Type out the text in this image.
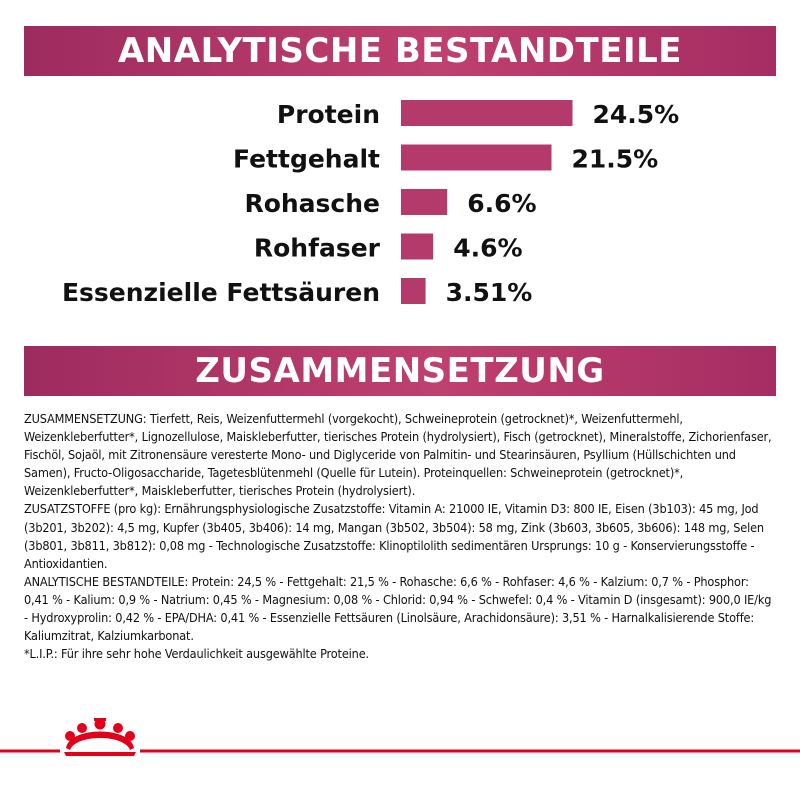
ANALYTISCHE BESTANDTEILE
Protein	24.5%
Fettgehalt	21.5%
Rohasche	6.6%
Rohfaser	4.6%
Essenzielle Fettsäuren	3.51%
ZUSAMMENSETZUNG
ZUSAMMENSETZUNG: Tierfett, Reis, Weizenfuttermehl (vorgekocht), Schweineprotein (getrocknet)*, Weizenfuttermehl, Weizenkleberfutter*, Lignozellulose, Maiskleberfutter, tierisches Protein (hydrolysiert), Fisch (getrocknet), Mineralstoffe, Zichorienfaser, Fischöl, Sojaöl, mit Zitronensäure veresterte Mono- und Diglyceride von Palmitin- und Stearinsäuren, Psyllium (Hüllschichten und Samen), Fructo-Oligosaccharide, Tagetesblütenmehl (Quelle für Lutein). Proteinquellen: Schweineprotein (getrocknet)*, Weizenkleberfutter*, Maiskleberfutter, tierisches Protein (hydrolysiert).
ZUSATZSTOFFE (pro kg): Ernährungsphysiologische Zusatzstoffe: Vitamin A: 21000 IE, Vitamin D3: 800 IE, Eisen (3b103): 45 mg, Jod (3b201, 3b202): 4,5 mg, Kupfer (3b405, 3b406): 14 mg, Mangan (3b502, 3b504): 58 mg, Zink (3b603, 3b605, 3b606): 148 mg, Selen (3b801, 3b811, 3b812): 0,08 mg - Technologische Zusatzstoffe: Klinoptilolith sedimentären Ursprungs: 10 g - Konservierungsstoffe - Antioxidantien.
ANALYTISCHE BESTANDTEILE: Protein: 24,5 % - Fettgehalt: 21,5 % - Rohasche: 6,6 % - Rohfaser: 4,6 % - Kalzium: 0,7 % - Phosphor: 0,41 % - Kalium: 0,9 % - Natrium: 0,45 % - Magnesium: 0,08 % - Chlorid: 0,94 % - Schwefel: 0,4 % - Vitamin D (insgesamt): 900,0 IE/kg - Hydroxyprolin: 0,42 % - EPA/DHA: 0,41 % - Essenzielle Fettsäuren (Linolsäure, Arachidonsäure): 3,51 % - Harnalkalisierende Stoffe: Kaliumzitrat, Kalziumkarbonat.
*L.I.P.: Für ihre sehr hohe Verdaulichkeit ausgewählte Proteine.
